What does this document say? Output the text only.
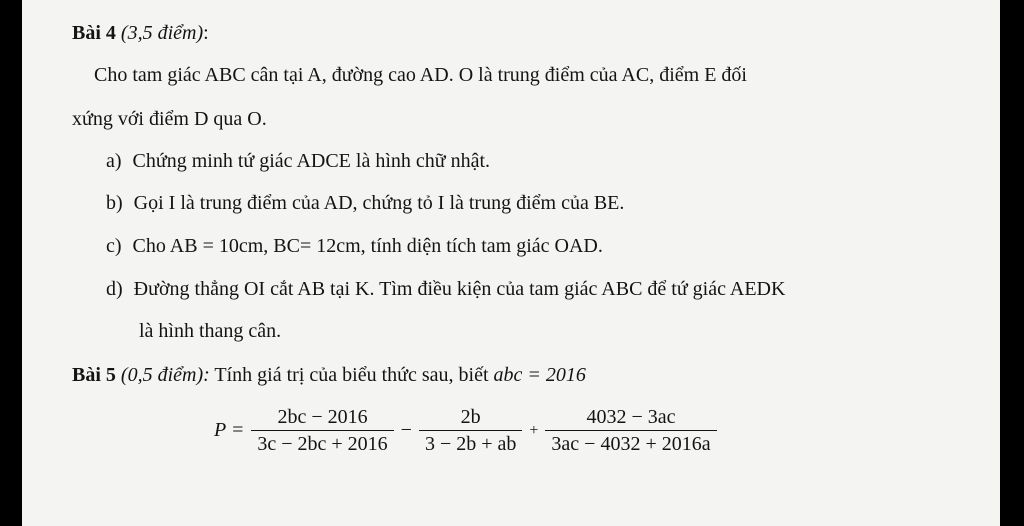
Bài 4 (3,5 điểm):
Cho tam giác ABC cân tại A, đường cao AD. O là trung điểm của AC, điểm E đối
xứng với điểm D qua O.
a) Chứng minh tứ giác ADCE là hình chữ nhật.
b) Gọi I là trung điểm của AD, chứng tỏ I là trung điểm của BE.
c) Cho AB = 10cm, BC= 12cm, tính diện tích tam giác OAD.
d) Đường thẳng OI cắt AB tại K. Tìm điều kiện của tam giác ABC để tứ giác AEDK
là hình thang cân.
Bài 5 (0,5 điểm): Tính giá trị của biểu thức sau, biết abc = 2016
$P = \frac{2bc - 2016}{3c - 2bc + 2016} - \frac{2b}{3 - 2b + ab} + \frac{4032 - 3ac}{3ac - 4032 + 2016a}$
